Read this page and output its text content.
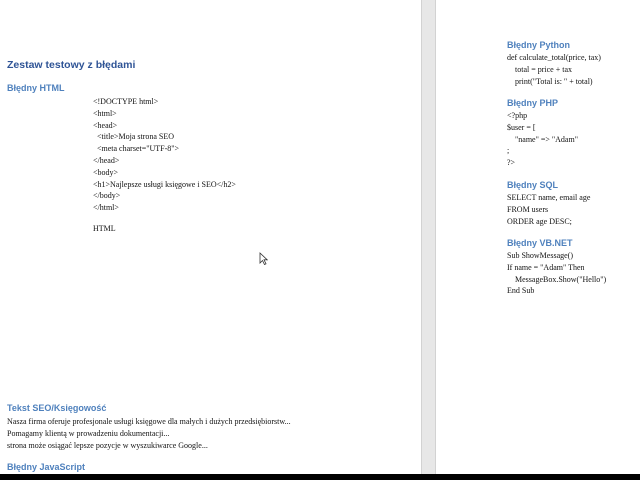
Zestaw testowy z błędami
Błędny HTML
<!DOCTYPE html>
<html>
<head>
<title>Moja strona SEO
<meta charset="UTF-8">
</head>
<body>
<h1>Najlepsze usługi księgowe i SEO</h2>
</body>
</html>
HTML
Tekst SEO/Księgowość
Nasza firma oferuje profesjonale usługi księgowe dla małych i dużych przedsiębiorstw...
Pomagamy klientą w prowadzeniu dokumentacji...
strona może osiągać lepsze pozycje w wyszukiwarce Google...
Błędny JavaScript
Błędny Python
def calculate_total(price, tax)
total = price + tax
print("Total is: " + total)
Błędny PHP
<?php
$user = [
"name" => "Adam"
;
?>
Błędny SQL
SELECT name, email age
FROM users
ORDER age DESC;
Błędny VB.NET
Sub ShowMessage()
If name = "Adam" Then
MessageBox.Show("Hello")
End Sub
